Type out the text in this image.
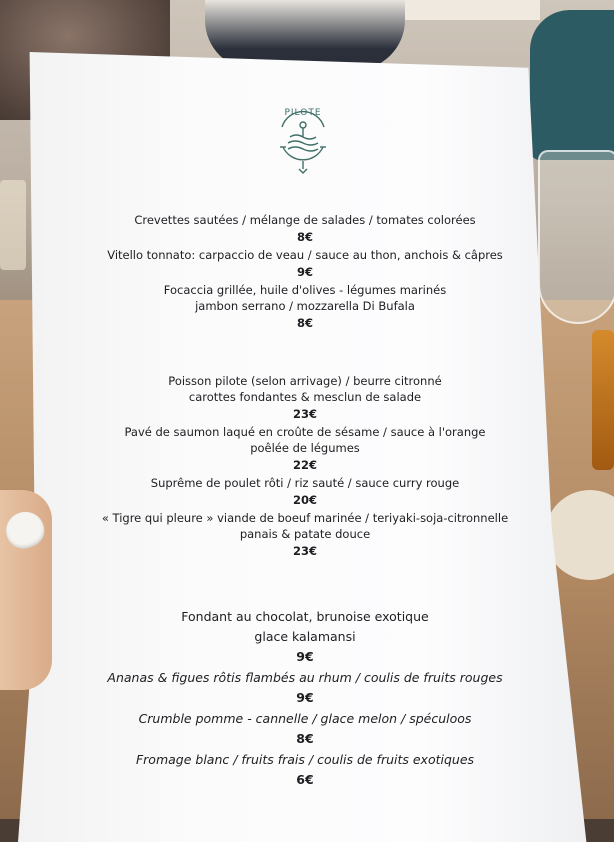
PILOTE
Crevettes sautées / mélange de salades / tomates colorées
8€
Vitello tonnato: carpaccio de veau / sauce au thon, anchois & câpres
9€
Focaccia grillée, huile d'olives - légumes marinés
jambon serrano / mozzarella Di Bufala
8€
Poisson pilote (selon arrivage) / beurre citronné
carottes fondantes & mesclun de salade
23€
Pavé de saumon laqué en croûte de sésame / sauce à l'orange
poêlée de légumes
22€
Suprême de poulet rôti / riz sauté / sauce curry rouge
20€
« Tigre qui pleure » viande de boeuf marinée / teriyaki-soja-citronnelle
panais & patate douce
23€
Fondant au chocolat, brunoise exotique
glace kalamansi
9€
Ananas & figues rôtis flambés au rhum / coulis de fruits rouges
9€
Crumble pomme - cannelle / glace melon / spéculoos
8€
Fromage blanc / fruits frais / coulis de fruits exotiques
6€
